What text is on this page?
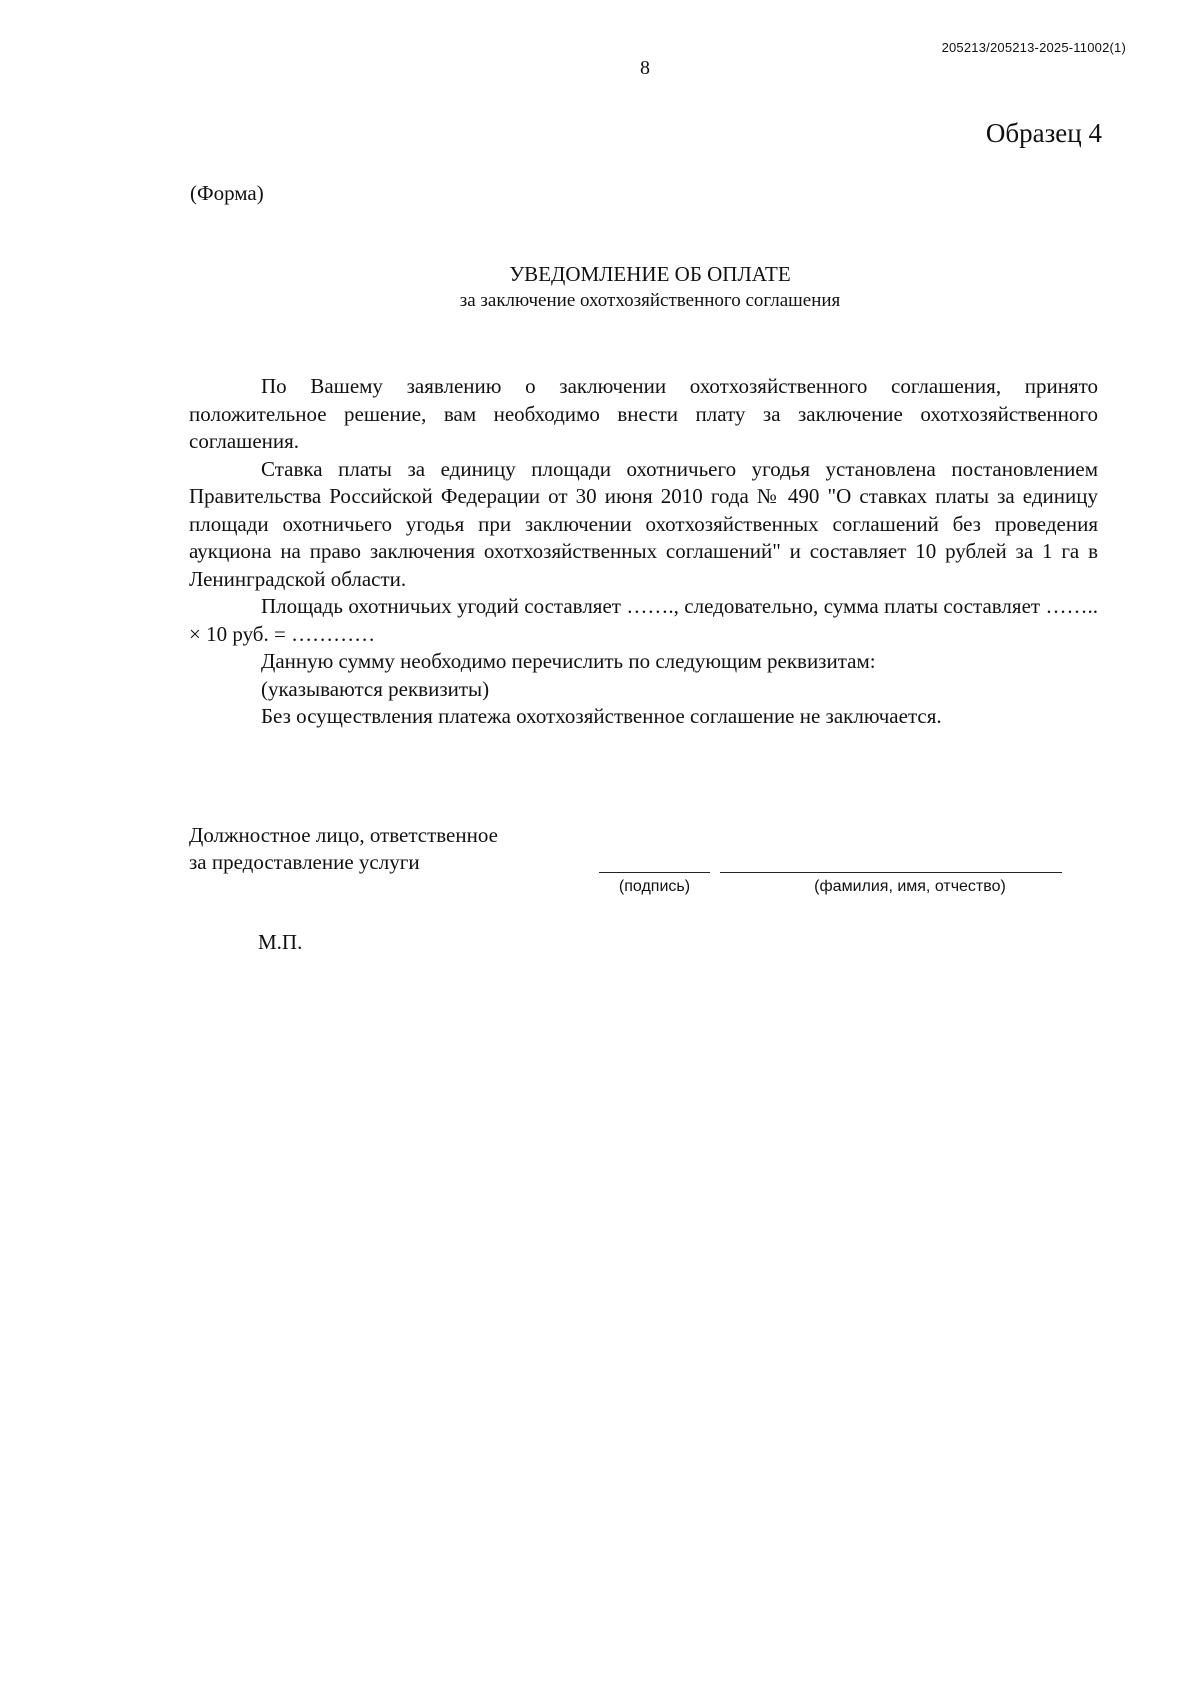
205213/205213-2025-11002(1)
8
Образец 4
(Форма)
УВЕДОМЛЕНИЕ ОБ ОПЛАТЕ
за заключение охотхозяйственного соглашения

По Вашему заявлению о заключении охотхозяйственного соглашения, принято положительное решение, вам необходимо внести плату за заключение охотхозяйственного соглашения.

Ставка платы за единицу площади охотничьего угодья установлена постановлением Правительства Российской Федерации от 30 июня 2010 года № 490 "О ставках платы за единицу площади охотничьего угодья при заключении охотхозяйственных соглашений без проведения аукциона на право заключения охотхозяйственных соглашений" и составляет 10 рублей за 1 га в Ленинградской области.

Площадь охотничьих угодий составляет ……., следовательно, сумма платы составляет …….. × 10 руб. = …………

Данную сумму необходимо перечислить по следующим реквизитам:

(указываются реквизиты)

Без осуществления платежа охотхозяйственное соглашение не заключается.

Должностное лицо, ответственное
за предоставление услуги
(подпись)	(фамилия, имя, отчество)
М.П.
